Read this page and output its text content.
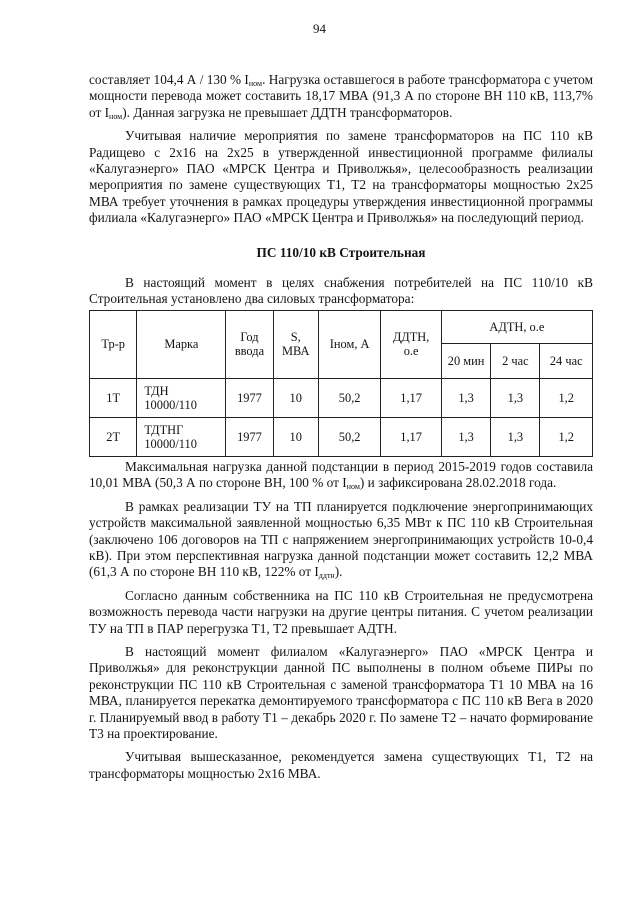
94

составляет 104,4 А / 130 % $I_{ном}$. Нагрузка оставшегося в работе трансформатора с учетом мощности перевода может составить 18,17 МВА (91,3 А по стороне ВН 110 кВ, 113,7% от $I_{ном}$). Данная загрузка не превышает ДДТН трансформаторов.

Учитывая наличие мероприятия по замене трансформаторов на ПС 110 кВ Радищево с 2х16 на 2х25 в утвержденной инвестиционной программе филиалы «Калугаэнерго» ПАО «МРСК Центра и Приволжья», целесообразность реализации мероприятия по замене существующих Т1, Т2 на трансформаторы мощностью 2х25 МВА требует уточнения в рамках процедуры утверждения инвестиционной программы филиала «Калугаэнерго» ПАО «МРСК Центра и Приволжья» на последующий период.

ПС 110/10 кВ Строительная

В настоящий момент в целях снабжения потребителей на ПС 110/10 кВ Строительная установлено два силовых трансформатора:

Тр-р	Марка	Год ввода	S, МВА	Iном, А	ДДТН, о.е	АДТН, о.е		
						20 мин	2 час	24 час
1Т	ТДН 10000/110	1977	10	50,2	1,17	1,3	1,3	1,2
2Т	ТДТНГ 10000/110	1977	10	50,2	1,17	1,3	1,3	1,2

Максимальная нагрузка данной подстанции в период 2015-2019 годов составила 10,01 МВА (50,3 А по стороне ВН, 100 % от $I_{ном}$) и зафиксирована 28.02.2018 года.

В рамках реализации ТУ на ТП планируется подключение энергопринимающих устройств максимальной заявленной мощностью 6,35 МВт к ПС 110 кВ Строительная (заключено 106 договоров на ТП с напряжением энергопринимающих устройств 10-0,4 кВ). При этом перспективная нагрузка данной подстанции может составить 12,2 МВА (61,3 А по стороне ВН 110 кВ, 122% от $I_{ддтн}$).

Согласно данным собственника на ПС 110 кВ Строительная не предусмотрена возможность перевода части нагрузки на другие центры питания. С учетом реализации ТУ на ТП в ПАР перегрузка Т1, Т2 превышает АДТН.

В настоящий момент филиалом «Калугаэнерго» ПАО «МРСК Центра и Приволжья» для реконструкции данной ПС выполнены в полном объеме ПИРы по реконструкции ПС 110 кВ Строительная с заменой трансформатора Т1 10 МВА на 16 МВА, планируется перекатка демонтируемого трансформатора с ПС 110 кВ Вега в 2020 г. Планируемый ввод в работу Т1 – декабрь 2020 г. По замене Т2 – начато формирование Т3 на проектирование.

Учитывая вышесказанное, рекомендуется замена существующих Т1, Т2 на трансформаторы мощностью 2х16 МВА.
